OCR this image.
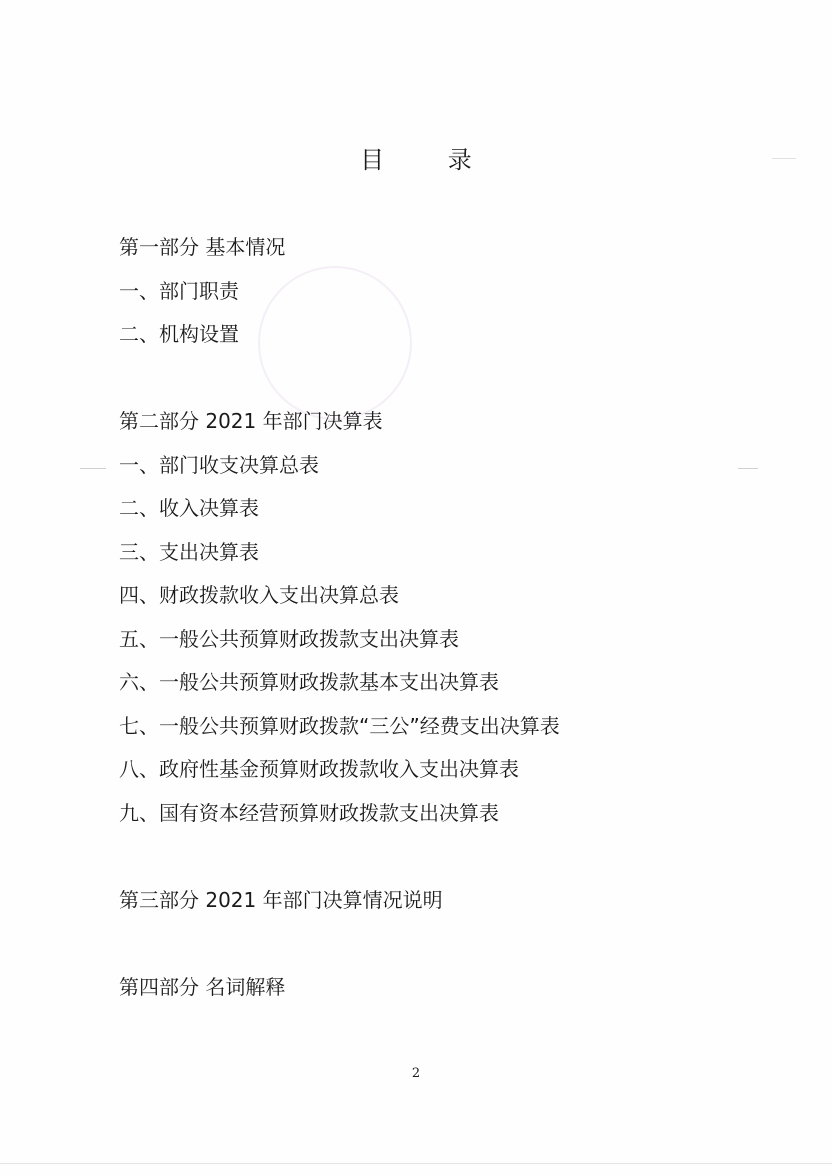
目 录
第一部分 基本情况
一、部门职责
二、机构设置
第二部分 2021 年部门决算表
一、部门收支决算总表
二、收入决算表
三、支出决算表
四、财政拨款收入支出决算总表
五、一般公共预算财政拨款支出决算表
六、一般公共预算财政拨款基本支出决算表
七、一般公共预算财政拨款“三公”经费支出决算表
八、政府性基金预算财政拨款收入支出决算表
九、国有资本经营预算财政拨款支出决算表
第三部分 2021 年部门决算情况说明
第四部分 名词解释
2
